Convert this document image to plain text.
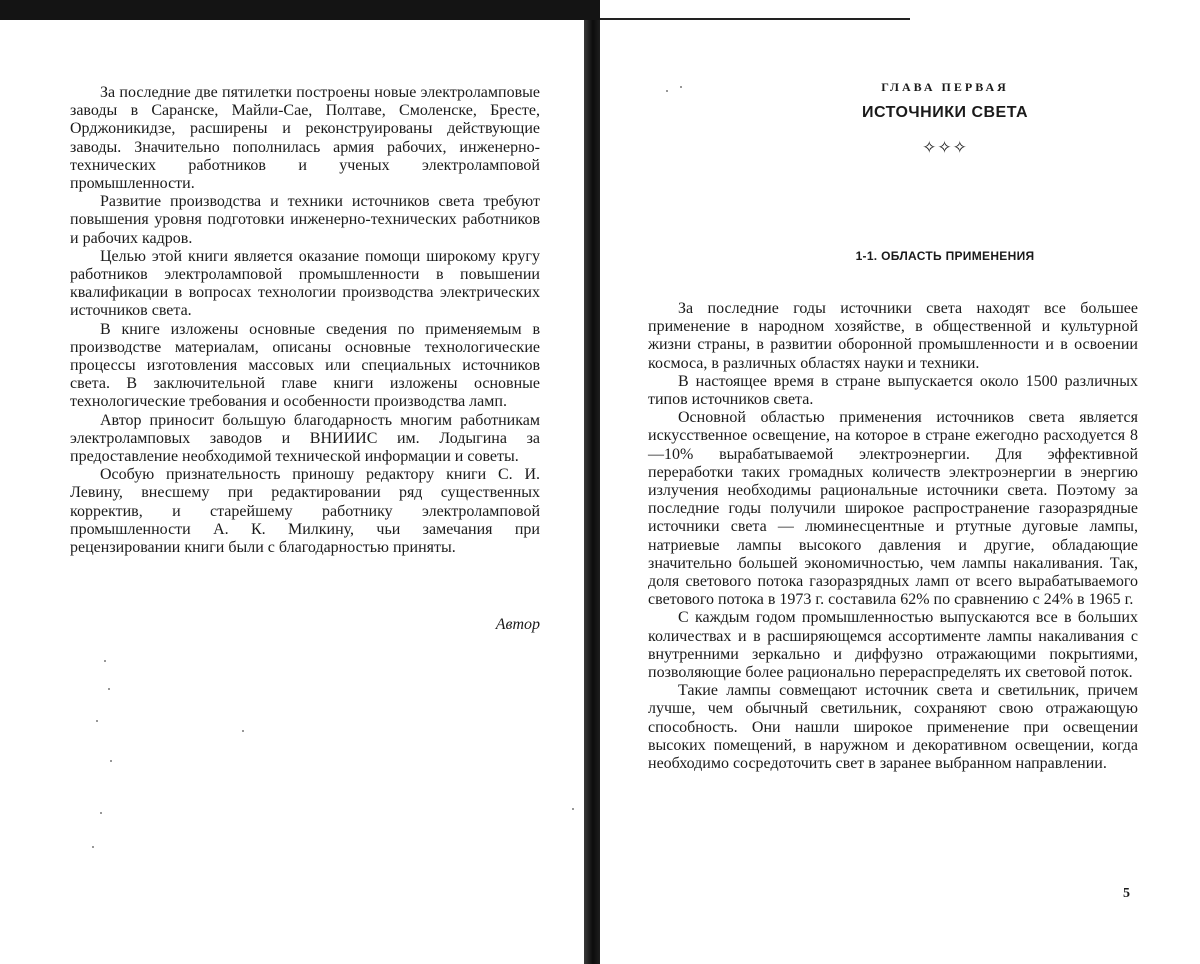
За последние две пятилетки построены новые электроламповые заводы в Саранске, Майли-Сае, Полтаве, Смоленске, Бресте, Орджоникидзе, расширены и реконструированы действующие заводы. Значительно пополнилась армия рабочих, инженерно-технических работников и ученых электроламповой промышленности.

Развитие производства и техники источников света требуют повышения уровня подготовки инженерно-технических работников и рабочих кадров.

Целью этой книги является оказание помощи широкому кругу работников электроламповой промышленности в повышении квалификации в вопросах технологии производства электрических источников света.

В книге изложены основные сведения по применяемым в производстве материалам, описаны основные технологические процессы изготовления массовых или специальных источников света. В заключительной главе книги изложены основные технологические требования и особенности производства ламп.

Автор приносит большую благодарность многим работникам электроламповых заводов и ВНИИИС им. Лодыгина за предоставление необходимой технической информации и советы.

Особую признательность приношу редактору книги С. И. Левину, внесшему при редактировании ряд существенных корректив, и старейшему работнику электроламповой промышленности А. К. Милкину, чьи замечания при рецензировании книги были с благодарностью приняты.

Автор
ГЛАВА ПЕРВАЯ
ИСТОЧНИКИ СВЕТА
✧✧✧
1-1. ОБЛАСТЬ ПРИМЕНЕНИЯ

За последние годы источники света находят все большее применение в народном хозяйстве, в общественной и культурной жизни страны, в развитии оборонной промышленности и в освоении космоса, в различных областях науки и техники.

В настоящее время в стране выпускается около 1500 различных типов источников света.

Основной областью применения источников света является искусственное освещение, на которое в стране ежегодно расходуется 8—10% вырабатываемой электроэнергии. Для эффективной переработки таких громадных количеств электроэнергии в энергию излучения необходимы рациональные источники света. Поэтому за последние годы получили широкое распространение газоразрядные источники света — люминесцентные и ртутные дуговые лампы, натриевые лампы высокого давления и другие, обладающие значительно большей экономичностью, чем лампы накаливания. Так, доля светового потока газоразрядных ламп от всего вырабатываемого светового потока в 1973 г. составила 62% по сравнению с 24% в 1965 г.

С каждым годом промышленностью выпускаются все в больших количествах и в расширяющемся ассортименте лампы накаливания с внутренними зеркально и диффузно отражающими покрытиями, позволяющие более рационально перераспределять их световой поток.

Такие лампы совмещают источник света и светильник, причем лучше, чем обычный светильник, сохраняют свою отражающую способность. Они нашли широкое применение при освещении высоких помещений, в наружном и декоративном освещении, когда необходимо сосредоточить свет в заранее выбранном направлении.

5
